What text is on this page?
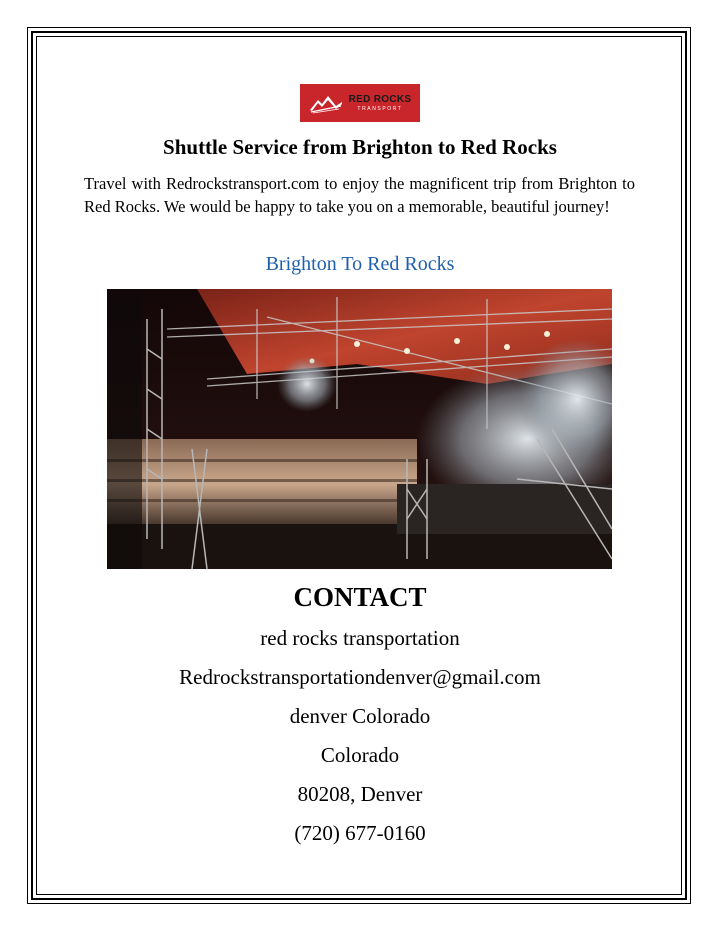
RED ROCKS
TRANSPORT
Shuttle Service from Brighton to Red Rocks

Travel with Redrockstransport.com to enjoy the magnificent trip from Brighton to Red Rocks. We would be happy to take you on a memorable, beautiful journey!

Brighton To Red Rocks
CONTACT

red rocks transportation

Redrockstransportationdenver@gmail.com

denver Colorado

Colorado

80208, Denver

(720) 677-0160
